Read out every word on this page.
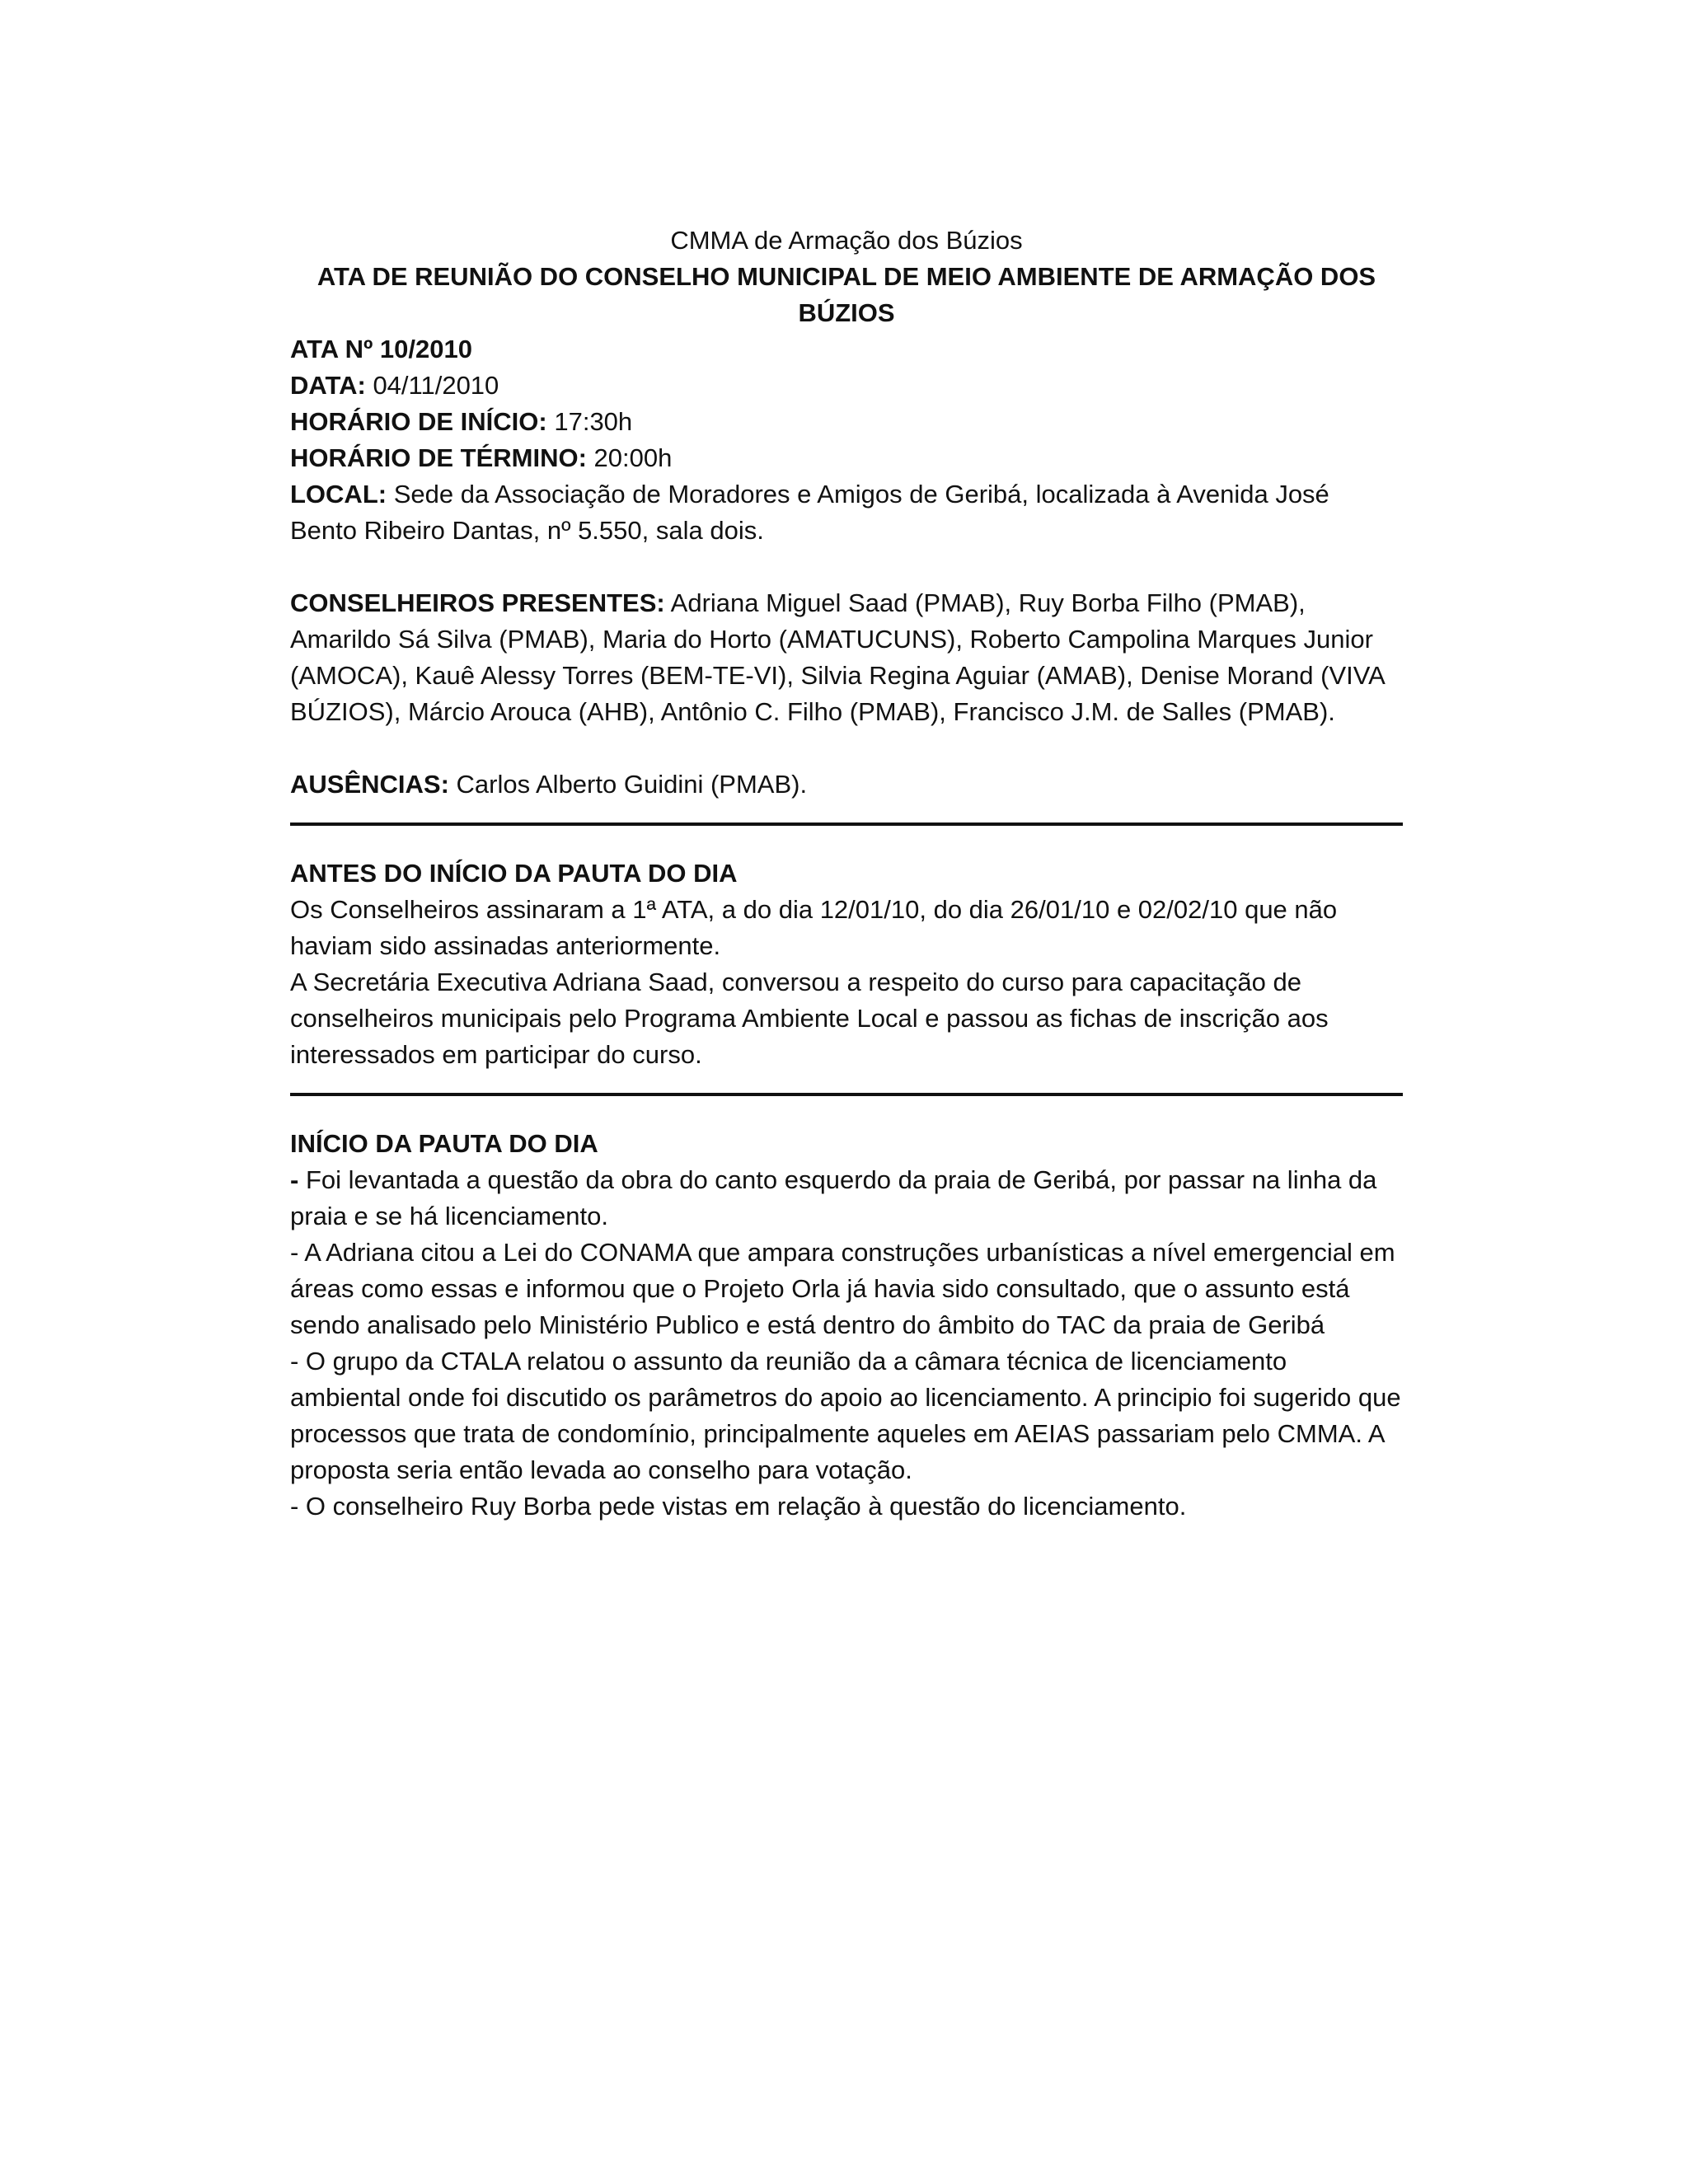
CMMA de Armação dos Búzios
ATA DE REUNIÃO DO CONSELHO MUNICIPAL DE MEIO AMBIENTE DE ARMAÇÃO DOS
BÚZIOS
ATA Nº 10/2010
DATA: 04/11/2010
HORÁRIO DE INÍCIO: 17:30h
HORÁRIO DE TÉRMINO: 20:00h
LOCAL: Sede da Associação de Moradores e Amigos de Geribá, localizada à Avenida José Bento Ribeiro Dantas, nº 5.550, sala dois.
CONSELHEIROS PRESENTES: Adriana Miguel Saad (PMAB), Ruy Borba Filho (PMAB), Amarildo Sá Silva (PMAB), Maria do Horto (AMATUCUNS), Roberto Campolina Marques Junior (AMOCA), Kauê Alessy Torres (BEM-TE-VI), Silvia Regina Aguiar (AMAB), Denise Morand (VIVA BÚZIOS), Márcio Arouca (AHB), Antônio C. Filho (PMAB), Francisco J.M. de Salles (PMAB).
AUSÊNCIAS: Carlos Alberto Guidini (PMAB).
ANTES DO INÍCIO DA PAUTA DO DIA

Os Conselheiros assinaram a 1ª ATA, a do dia 12/01/10, do dia 26/01/10 e 02/02/10 que não haviam sido assinadas anteriormente.

A Secretária Executiva Adriana Saad, conversou a respeito do curso para capacitação de conselheiros municipais pelo Programa Ambiente Local e passou as fichas de inscrição aos interessados em participar do curso.

INÍCIO DA PAUTA DO DIA

- Foi levantada a questão da obra do canto esquerdo da praia de Geribá, por passar na linha da praia e se há licenciamento.

- A Adriana citou a Lei do CONAMA que ampara construções urbanísticas a nível emergencial em áreas como essas e informou que o Projeto Orla já havia sido consultado, que o assunto está sendo analisado pelo Ministério Publico e está dentro do âmbito do TAC da praia de Geribá

- O grupo da CTALA relatou o assunto da reunião da a câmara técnica de licenciamento ambiental onde foi discutido os parâmetros do apoio ao licenciamento. A principio foi sugerido que processos que trata de condomínio, principalmente aqueles em AEIAS passariam pelo CMMA. A proposta seria então levada ao conselho para votação.

- O conselheiro Ruy Borba pede vistas em relação à questão do licenciamento.
